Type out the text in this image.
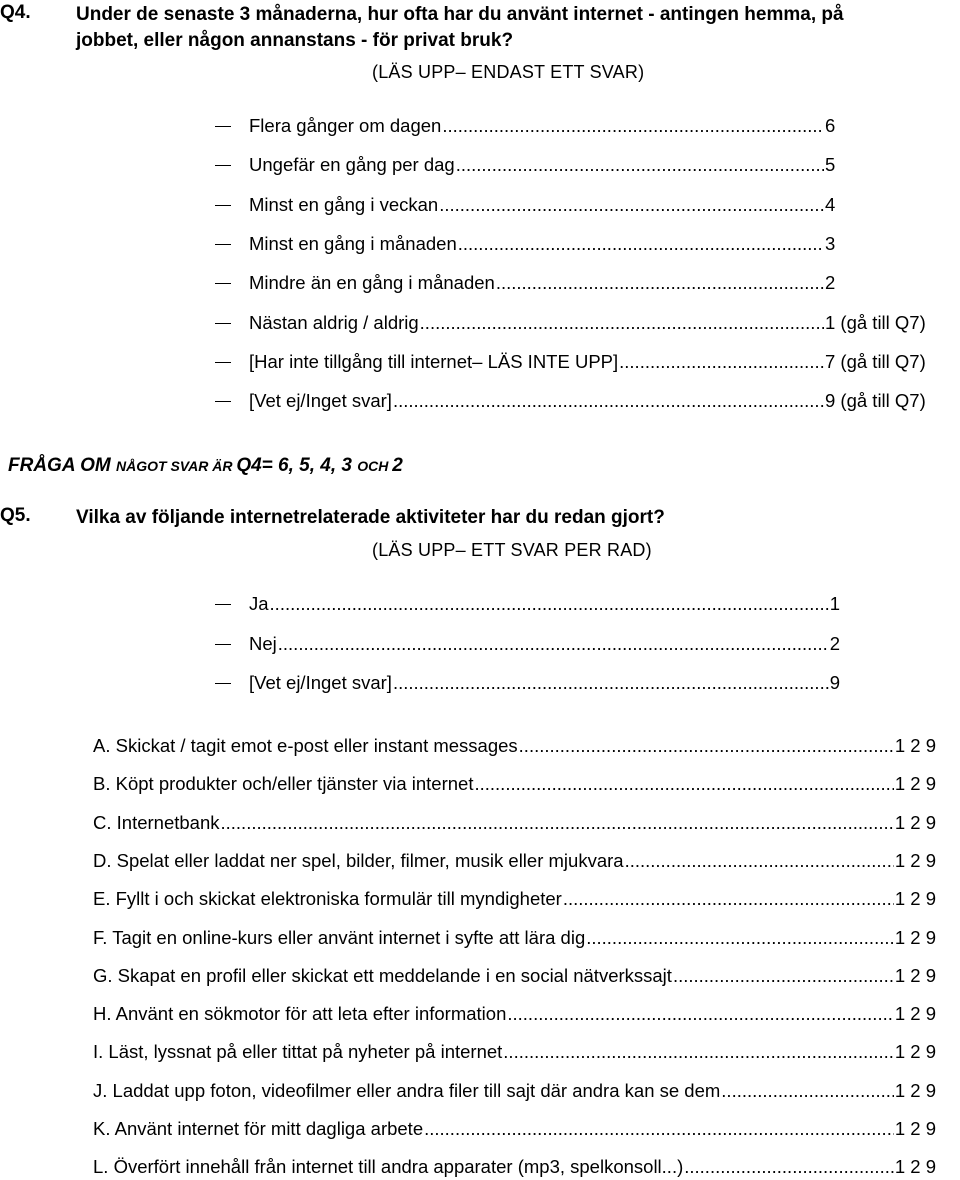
Q4. Under de senaste 3 månaderna, hur ofta har du använt internet - antingen hemma, på
jobbet, eller någon annanstans - för privat bruk?
(LÄS UPP– ENDAST ETT SVAR)
Flera gånger om dagen .....	6
Ungefär en gång per dag .....	5
Minst en gång i veckan .....	4
Minst en gång i månaden .....	3
Mindre än en gång i månaden .....	2
Nästan aldrig / aldrig .....	1 (gå till Q7)
[Har inte tillgång till internet– LÄS INTE UPP] .....	7 (gå till Q7)
[Vet ej/Inget svar] .....	9 (gå till Q7)
FRÅGA OM NÅGOT SVAR ÄR Q4= 6, 5, 4, 3 OCH 2
Q5. Vilka av följande internetrelaterade aktiviteter har du redan gjort?
(LÄS UPP– ETT SVAR PER RAD)
Ja .....	1
Nej .....	2
[Vet ej/Inget svar] .....	9
A. Skickat / tagit emot e-post eller instant messages .....	1 2 9
B. Köpt produkter och/eller tjänster via internet .....	1 2 9
C. Internetbank .....	1 2 9
D. Spelat eller laddat ner spel, bilder, filmer, musik eller mjukvara .....	1 2 9
E. Fyllt i och skickat elektroniska formulär till myndigheter .....	1 2 9
F. Tagit en online-kurs eller använt internet i syfte att lära dig .....	1 2 9
G. Skapat en profil eller skickat ett meddelande i en social nätverkssajt .....	1 2 9
H. Använt en sökmotor för att leta efter information .....	1 2 9
I. Läst, lyssnat på eller tittat på nyheter på internet .....	1 2 9
J. Laddat upp foton, videofilmer eller andra filer till sajt där andra kan se dem .....	1 2 9
K. Använt internet för mitt dagliga arbete .....	1 2 9
L. Överfört innehåll från internet till andra apparater (mp3, spelkonsoll...) .....	1 2 9
